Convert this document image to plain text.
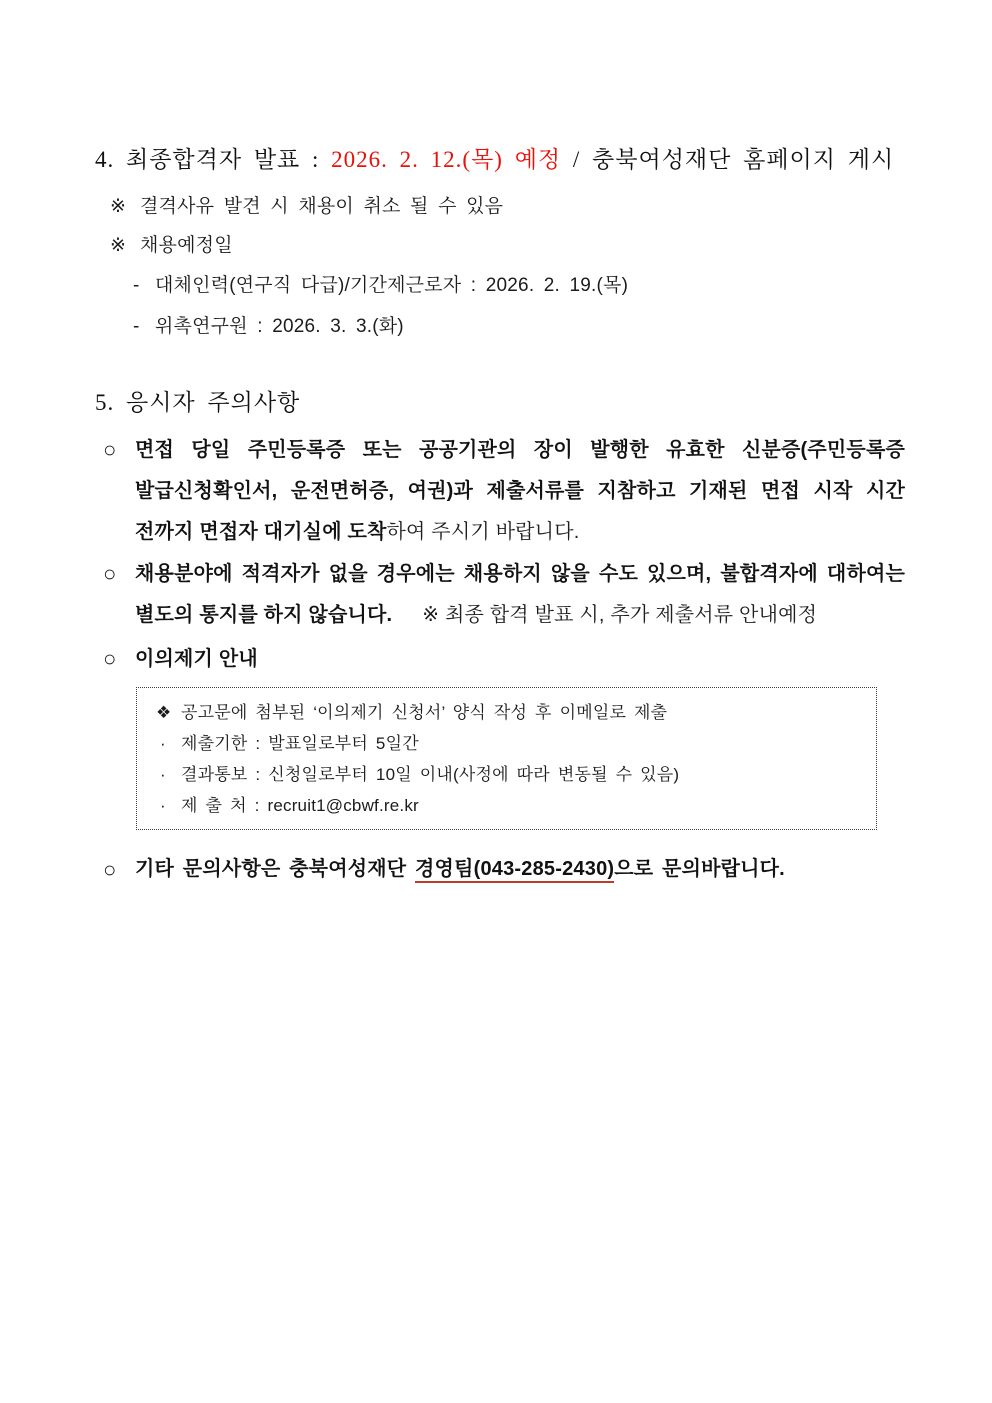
4. 최종합격자 발표 : 2026. 2. 12.(목) 예정 / 충북여성재단 홈페이지 게시
※ 결격사유 발견 시 채용이 취소 될 수 있음
※ 채용예정일
- 대체인력(연구직 다급)/기간제근로자 : 2026. 2. 19.(목)
- 위촉연구원 : 2026. 3. 3.(화)
5. 응시자 주의사항
○ 면접 당일 주민등록증 또는 공공기관의 장이 발행한 유효한 신분증(주민등록증
발급신청확인서, 운전면허증, 여권)과 제출서류를 지참하고 기재된 면접 시작 시간
전까지 면접자 대기실에 도착하여 주시기 바랍니다.
○ 채용분야에 적격자가 없을 경우에는 채용하지 않을 수도 있으며, 불합격자에 대하여는
별도의 통지를 하지 않습니다. ※ 최종 합격 발표 시, 추가 제출서류 안내예정
○ 이의제기 안내
❖ 공고문에 첨부된 ‘이의제기 신청서’ 양식 작성 후 이메일로 제출
· 제출기한 : 발표일로부터 5일간
· 결과통보 : 신청일로부터 10일 이내(사정에 따라 변동될 수 있음)
· 제 출 처 : recruit1@cbwf.re.kr
○ 기타 문의사항은 충북여성재단 경영팀(043-285-2430)으로 문의바랍니다.
